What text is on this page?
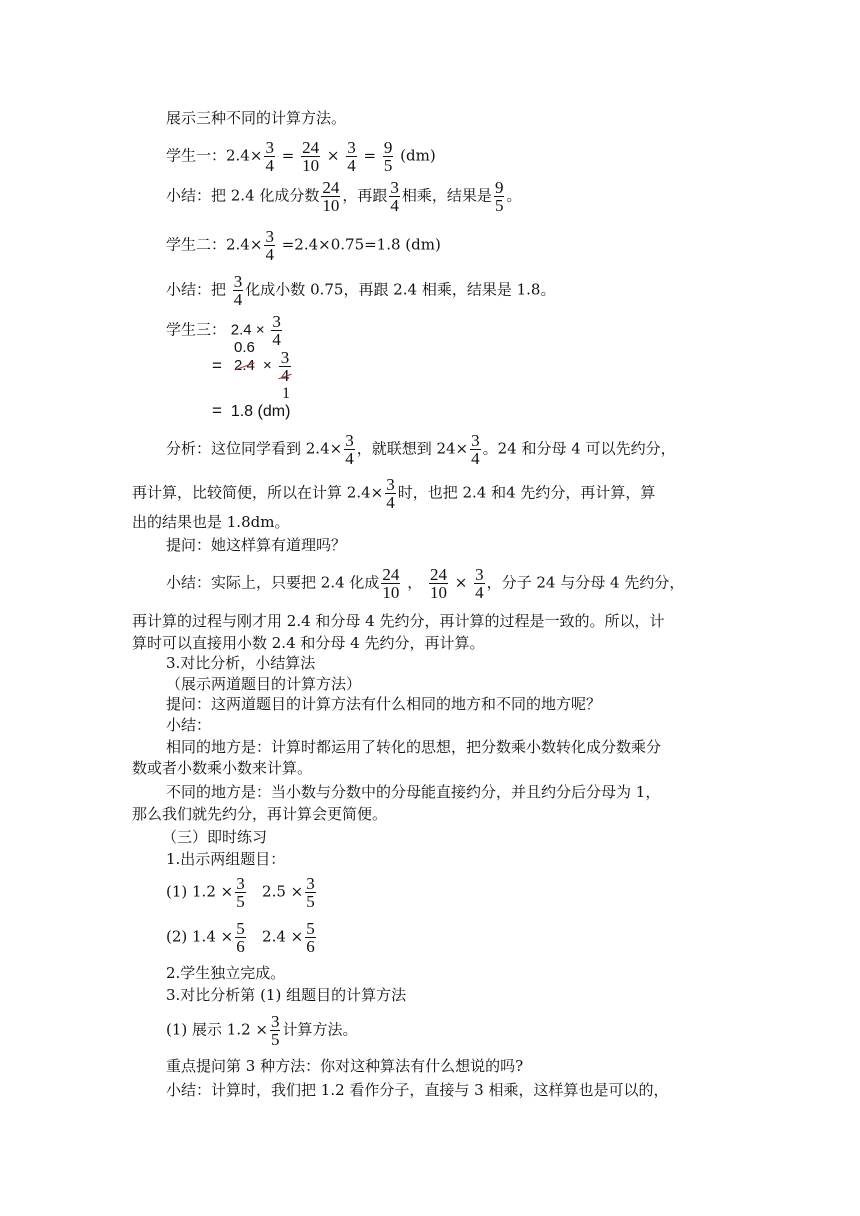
展示三种不同的计算方法。
学生一：$2.4\times \frac{3}{4} = \frac{24}{10} \times \frac{3}{4} = \frac{9}{5} (dm)$
小结：把 2.4 化成分数 $\frac{24}{10}$ ，再跟 $\frac{3}{4}$ 相乘，结果是 $\frac{9}{5}$ 。
学生二：$2.4\times \frac{3}{4} =2.4\times 0.75=1.8$ (dm)
小结：把 $\frac{3}{4}$ 化成小数 0.75，再跟 2.4 相乘，结果是 1.8。
学生三： $2.4 \times \frac{3}{4}$
=
0.6
2.4 × 3
4
1
= 1.8 (dm)
分析：这位同学看到 $2.4\times \frac{3}{4}$ ，就联想到 $24\times \frac{3}{4}$ 。24 和分母 4 可以先约分，
再计算，比较简便，所以在计算 $2.4\times \frac{3}{4}$ 时，也把 2.4 和4 先约分，再计算，算
出的结果也是 1.8dm。
提问：她这样算有道理吗？
小结：实际上，只要把 2.4 化成 $\frac{24}{10}$ ， $\frac{24}{10} \times \frac{3}{4}$ ，分子 24 与分母 4 先约分，
再计算的过程与刚才用 2.4 和分母 4 先约分，再计算的过程是一致的。所以，计
算时可以直接用小数 2.4 和分母 4 先约分，再计算。
3.对比分析，小结算法
（展示两道题目的计算方法）
提问：这两道题目的计算方法有什么相同的地方和不同的地方呢？
小结：
相同的地方是：计算时都运用了转化的思想，把分数乘小数转化成分数乘分
数或者小数乘小数来计算。
不同的地方是：当小数与分数中的分母能直接约分，并且约分后分母为 1，
那么我们就先约分，再计算会更简便。
（三）即时练习
1.出示两组题目：
(1) $1.2 \times \frac{3}{5} 2.5 \times \frac{3}{5}$
(2) $1.4 \times \frac{5}{6} 2.4 \times \frac{5}{6}$
2.学生独立完成。
3.对比分析第 (1) 组题目的计算方法
(1) 展示 $1.2 \times \frac{3}{5}$ 计算方法。
重点提问第 3 种方法：你对这种算法有什么想说的吗?
小结：计算时，我们把 1.2 看作分子，直接与 3 相乘，这样算也是可以的，
